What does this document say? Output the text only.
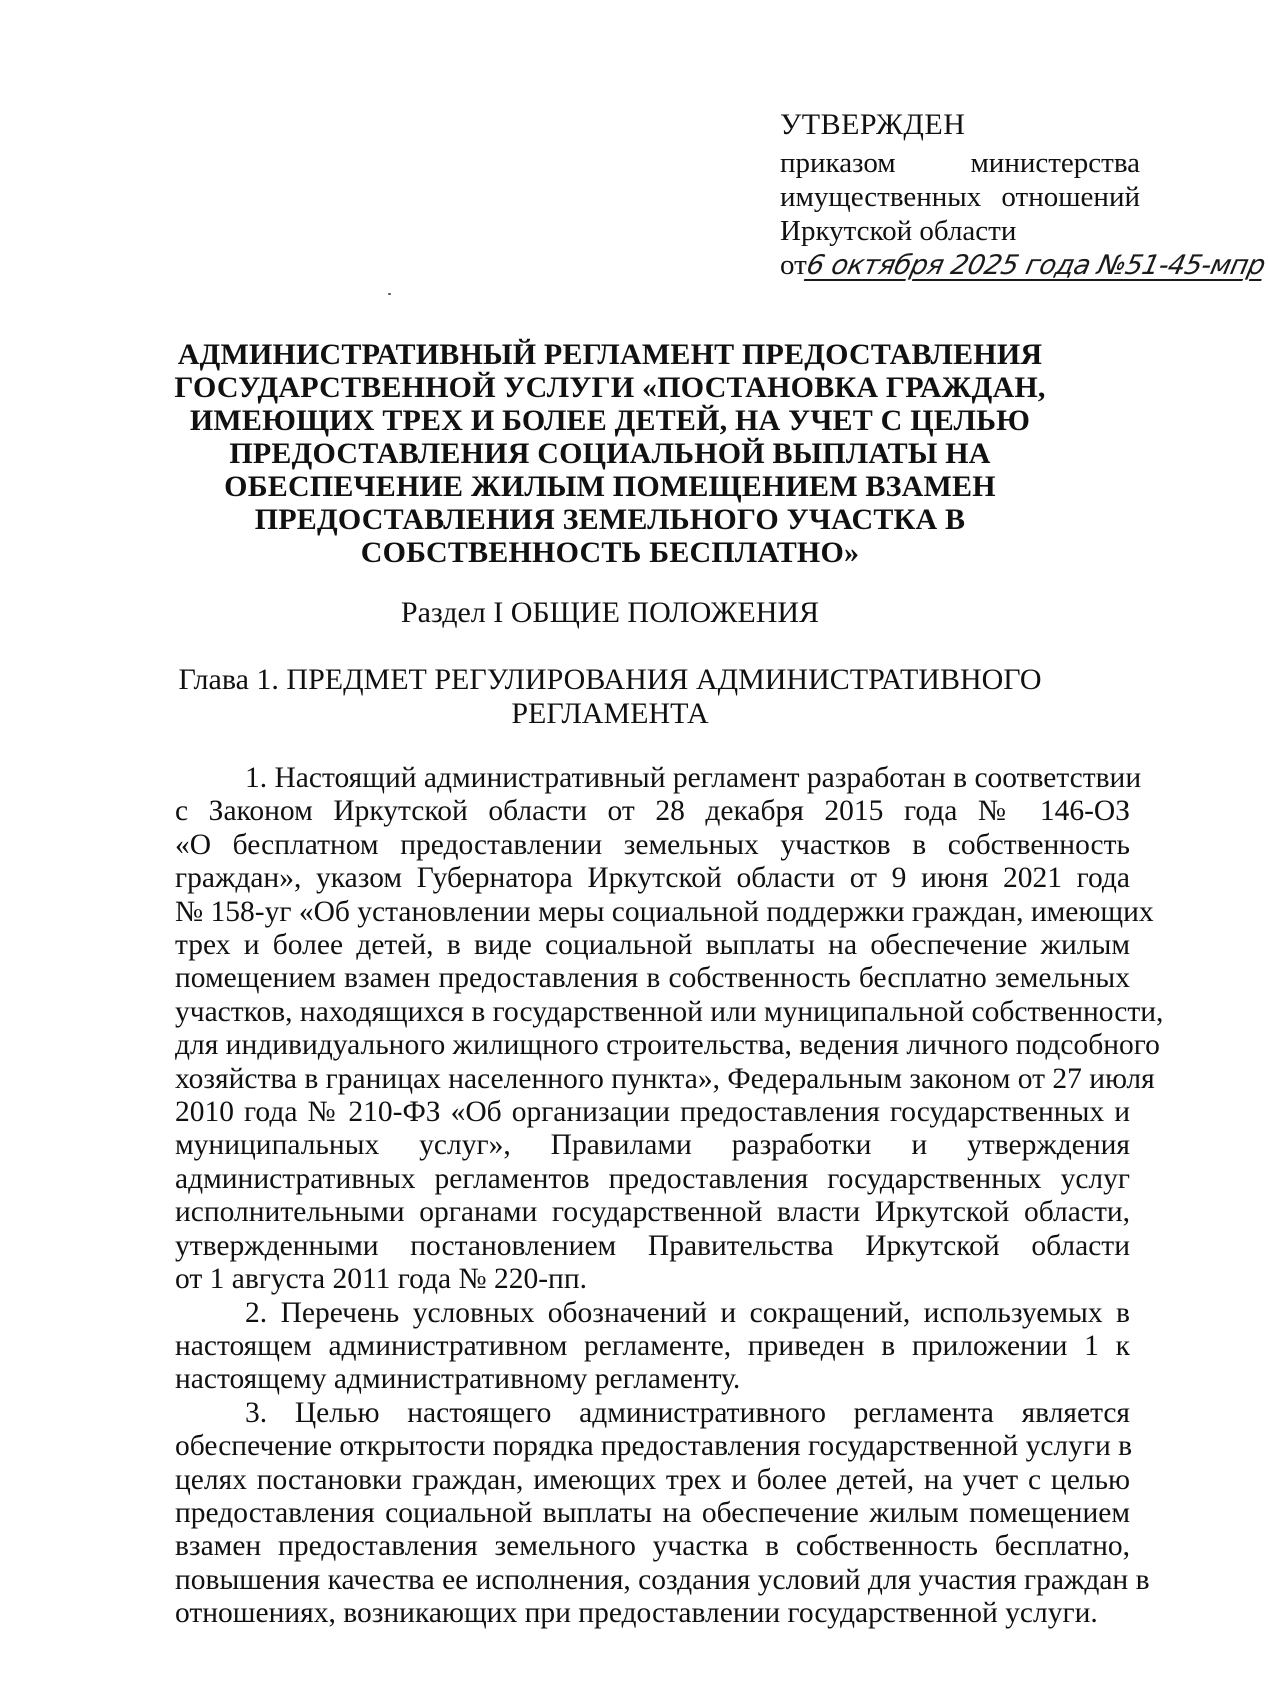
УТВЕРЖДЕН
приказом министерства
имущественных отношений
Иркутской области
от
6 октября 2025 года №51-45-мпр
АДМИНИСТРАТИВНЫЙ РЕГЛАМЕНТ ПРЕДОСТАВЛЕНИЯ
ГОСУДАРСТВЕННОЙ УСЛУГИ «ПОСТАНОВКА ГРАЖДАН,
ИМЕЮЩИХ ТРЕХ И БОЛЕЕ ДЕТЕЙ, НА УЧЕТ С ЦЕЛЬЮ
ПРЕДОСТАВЛЕНИЯ СОЦИАЛЬНОЙ ВЫПЛАТЫ НА
ОБЕСПЕЧЕНИЕ ЖИЛЫМ ПОМЕЩЕНИЕМ ВЗАМЕН
ПРЕДОСТАВЛЕНИЯ ЗЕМЕЛЬНОГО УЧАСТКА В
СОБСТВЕННОСТЬ БЕСПЛАТНО»
Раздел I ОБЩИЕ ПОЛОЖЕНИЯ
Глава 1. ПРЕДМЕТ РЕГУЛИРОВАНИЯ АДМИНИСТРАТИВНОГО
РЕГЛАМЕНТА
1. Настоящий административный регламент разработан в соответствии
с Законом Иркутской области от 28 декабря 2015 года № 146-ОЗ
«О бесплатном предоставлении земельных участков в собственность
граждан», указом Губернатора Иркутской области от 9 июня 2021 года
№ 158-уг «Об установлении меры социальной поддержки граждан, имеющих
трех и более детей, в виде социальной выплаты на обеспечение жилым
помещением взамен предоставления в собственность бесплатно земельных
участков, находящихся в государственной или муниципальной собственности,
для индивидуального жилищного строительства, ведения личного подсобного
хозяйства в границах населенного пункта», Федеральным законом от 27 июля
2010 года № 210-ФЗ «Об организации предоставления государственных и
муниципальных услуг», Правилами разработки и утверждения
административных регламентов предоставления государственных услуг
исполнительными органами государственной власти Иркутской области,
утвержденными постановлением Правительства Иркутской области
от 1 августа 2011 года № 220-пп.
2. Перечень условных обозначений и сокращений, используемых в
настоящем административном регламенте, приведен в приложении 1 к
настоящему административному регламенту.
3. Целью настоящего административного регламента является
обеспечение открытости порядка предоставления государственной услуги в
целях постановки граждан, имеющих трех и более детей, на учет с целью
предоставления социальной выплаты на обеспечение жилым помещением
взамен предоставления земельного участка в собственность бесплатно,
повышения качества ее исполнения, создания условий для участия граждан в
отношениях, возникающих при предоставлении государственной услуги.
